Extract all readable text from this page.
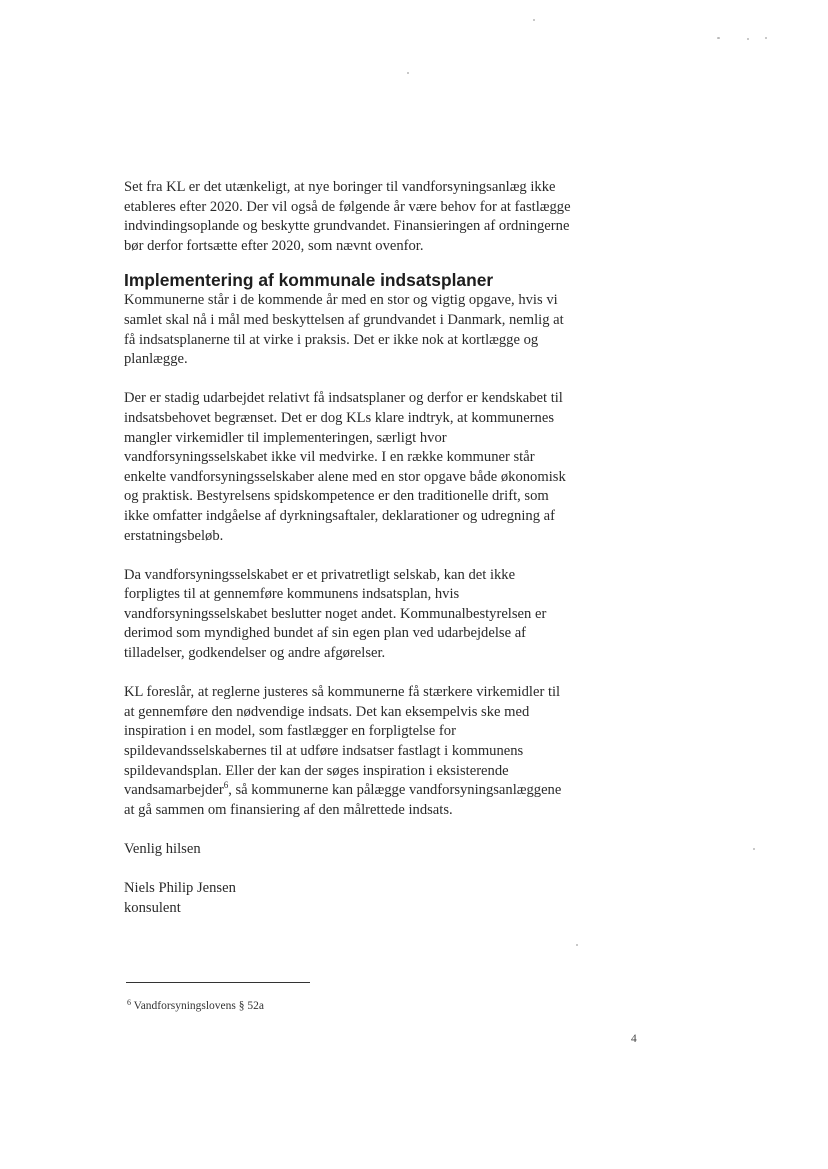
Set fra KL er det utænkeligt, at nye boringer til vandforsyningsanlæg ikke
etableres efter 2020. Der vil også de følgende år være behov for at fastlægge
indvindingsoplande og beskytte grundvandet. Finansieringen af ordningerne
bør derfor fortsætte efter 2020, som nævnt ovenfor.

Implementering af kommunale indsatsplaner

Kommunerne står i de kommende år med en stor og vigtig opgave, hvis vi
samlet skal nå i mål med beskyttelsen af grundvandet i Danmark, nemlig at
få indsatsplanerne til at virke i praksis. Det er ikke nok at kortlægge og
planlægge.

Der er stadig udarbejdet relativt få indsatsplaner og derfor er kendskabet til
indsatsbehovet begrænset. Det er dog KLs klare indtryk, at kommunernes
mangler virkemidler til implementeringen, særligt hvor
vandforsyningsselskabet ikke vil medvirke. I en række kommuner står
enkelte vandforsyningsselskaber alene med en stor opgave både økonomisk
og praktisk. Bestyrelsens spidskompetence er den traditionelle drift, som
ikke omfatter indgåelse af dyrkningsaftaler, deklarationer og udregning af
erstatningsbeløb.

Da vandforsyningsselskabet er et privatretligt selskab, kan det ikke
forpligtes til at gennemføre kommunens indsatsplan, hvis
vandforsyningsselskabet beslutter noget andet. Kommunalbestyrelsen er
derimod som myndighed bundet af sin egen plan ved udarbejdelse af
tilladelser, godkendelser og andre afgørelser.

KL foreslår, at reglerne justeres så kommunerne få stærkere virkemidler til
at gennemføre den nødvendige indsats. Det kan eksempelvis ske med
inspiration i en model, som fastlægger en forpligtelse for
spildevandsselskabernes til at udføre indsatser fastlagt i kommunens
spildevandsplan. Eller der kan der søges inspiration i eksisterende
vandsamarbejder$^6$, så kommunerne kan pålægge vandforsyningsanlæggene
at gå sammen om finansiering af den målrettede indsats.

Venlig hilsen

Niels Philip Jensen
konsulent

$^6$ Vandforsyningslovens § 52a
4
